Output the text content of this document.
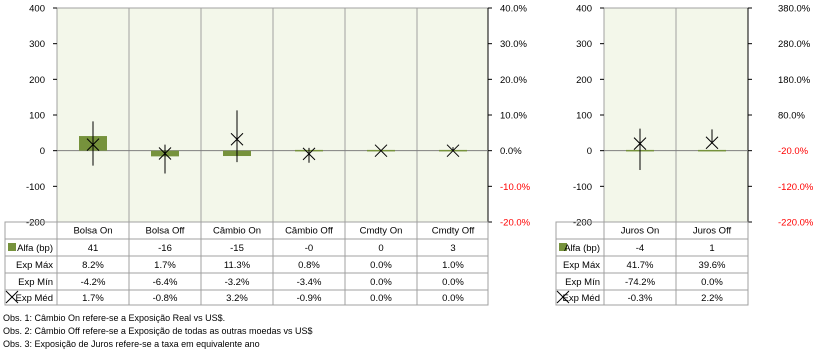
400
300
200
100
0
-100
-200
40.0%
30.0%
20.0%
10.0%
0.0%
-10.0%
-20.0%
Bolsa On	Bolsa Off	Câmbio On	Câmbio Off	Cmdty On	Cmdty Off
Alfa (bp)	41	-16	-15	-0	0	3
Exp Máx	8.2%	1.7%	11.3%	0.8%	0.0%	1.0%
Exp Mín	-4.2%	-6.4%	-3.2%	-3.4%	0.0%	0.0%
Exp Méd	1.7%	-0.8%	3.2%	-0.9%	0.0%	0.0%
400
300
200
100
0
-100
-200
380.0%
280.0%
180.0%
80.0%
-20.0%
-120.0%
-220.0%
Juros On	Juros Off
Alfa (bp)	-4	1
Exp Máx	41.7%	39.6%
Exp Mín	-74.2%	0.0%
Exp Méd	-0.3%	2.2%
Obs. 1: Câmbio On refere-se a Exposição Real vs US$.
Obs. 2: Câmbio Off refere-se a Exposição de todas as outras moedas vs US$
Obs. 3: Exposição de Juros refere-se a taxa em equivalente ano
